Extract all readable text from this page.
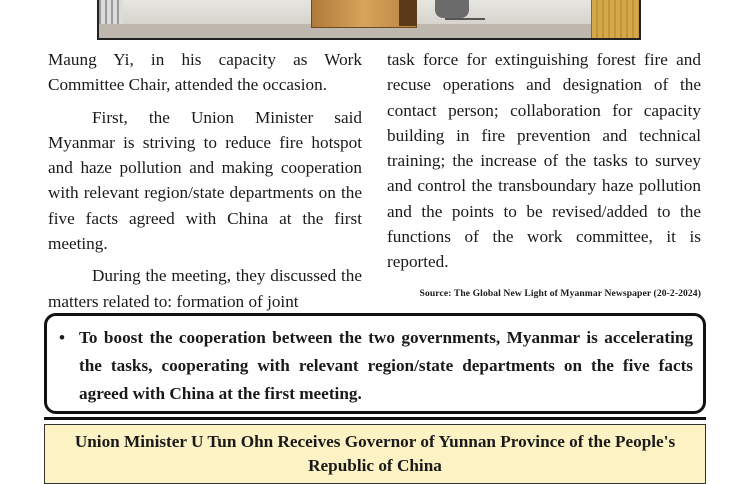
Maung Yi, in his capacity as Work Committee Chair, attended the occasion.

First, the Union Minister said Myanmar is striving to reduce fire hotspot and haze pollution and making cooperation with relevant region/state departments on the five facts agreed with China at the first meeting.

During the meeting, they discussed the matters related to: formation of joint

task force for extinguishing forest fire and recuse operations and designation of the contact person; collaboration for capacity building in fire prevention and technical training; the increase of the tasks to survey and control the transboundary haze pollution and the points to be revised/added to the functions of the work committee, it is reported.

Source: The Global New Light of Myanmar Newspaper (20-2-2024)
• To boost the cooperation between the two governments, Myanmar is accelerating the tasks, cooperating with relevant region/state departments on the five facts agreed with China at the first meeting.
Union Minister U Tun Ohn Receives Governor of Yunnan Province of the People's Republic of China
